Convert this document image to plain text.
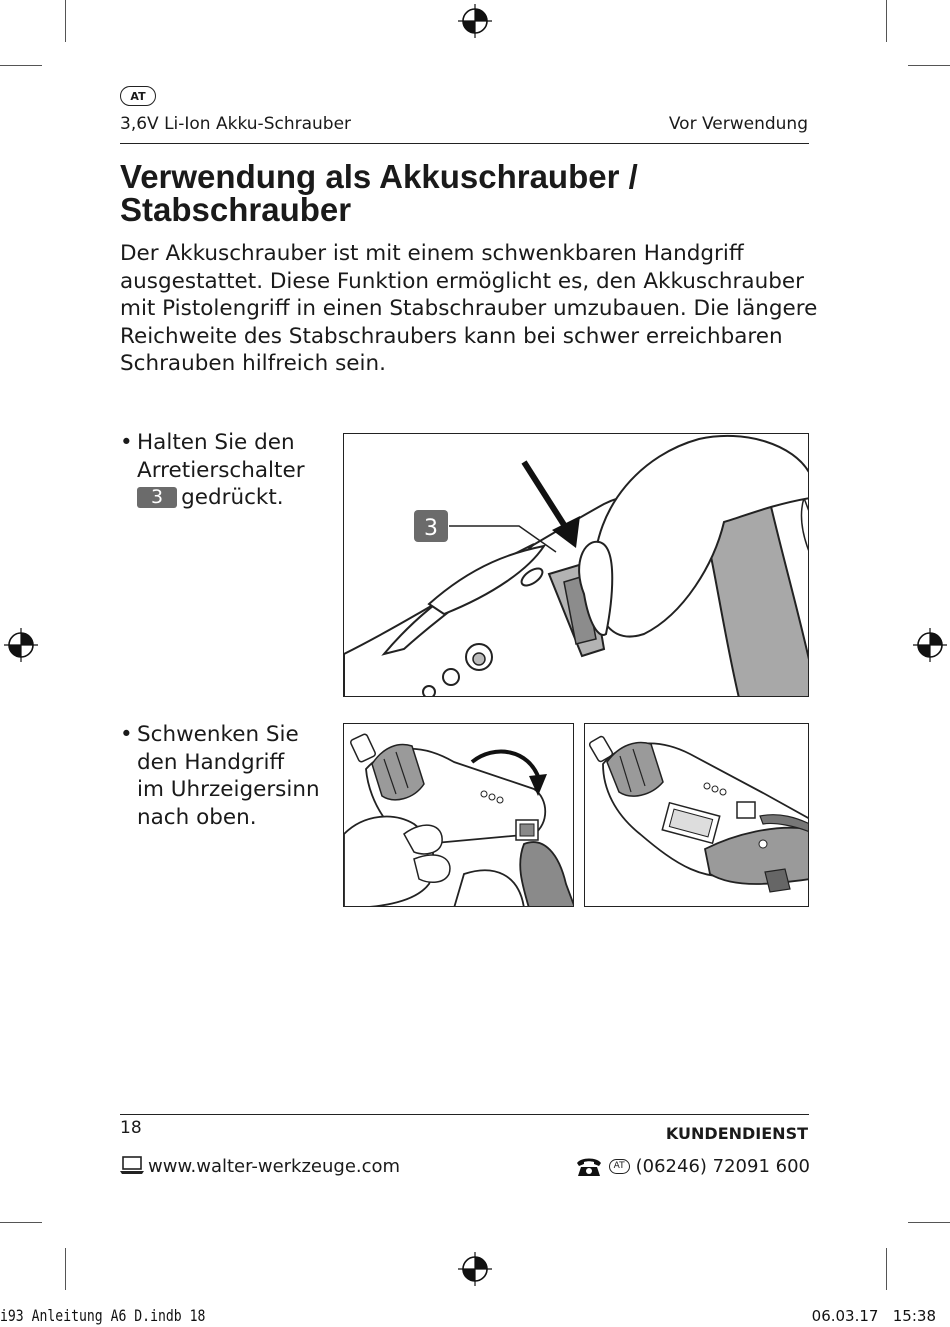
AT
3,6V Li-Ion Akku-Schrauber	Vor Verwendung
Verwendung als Akkuschrauber / Stabschrauber

Der Akkuschrauber ist mit einem schwenkbaren Handgriff ausgestattet. Diese Funktion ermöglicht es, den Akkuschrauber mit Pistolengriff in einen Stabschrauber umzubauen. Die längere Reichweite des Stabschraubers kann bei schwer erreichbaren Schrauben hilfreich sein.

• Halten Sie den
Arretierschalter
3 gedrückt.
3
• Schwenken Sie
den Handgriff
im Uhrzeigersinn
nach oben.
18	KUNDENDIENST
www.walter-werkzeuge.com	AT (06246) 72091 600
i93 Anleitung A6 D.indb 18	06.03.17   15:38
